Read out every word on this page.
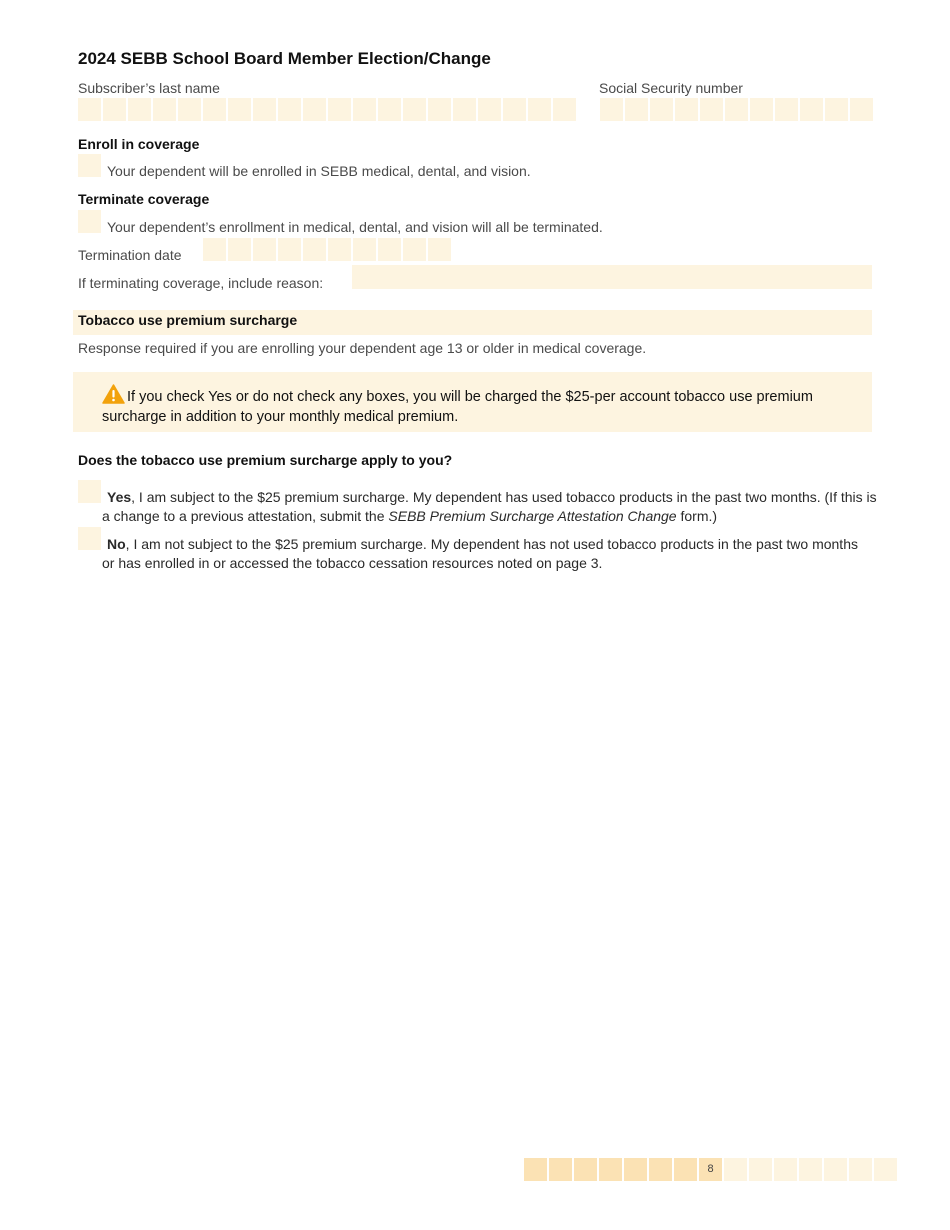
2024 SEBB School Board Member Election/Change
Subscriber’s last name	Social Security number
Enroll in coverage
Your dependent will be enrolled in SEBB medical, dental, and vision.
Terminate coverage
Your dependent’s enrollment in medical, dental, and vision will all be terminated.
Termination date
If terminating coverage, include reason:
Tobacco use premium surcharge
Response required if you are enrolling your dependent age 13 or older in medical coverage.
If you check Yes or do not check any boxes, you will be charged the $25-per account tobacco use premium surcharge in addition to your monthly medical premium.
Does the tobacco use premium surcharge apply to you?
Yes, I am subject to the $25 premium surcharge. My dependent has used tobacco products in the past two months. (If this is a change to a previous attestation, submit the SEBB Premium Surcharge Attestation Change form.)
No, I am not subject to the $25 premium surcharge. My dependent has not used tobacco products in the past two months or has enrolled in or accessed the tobacco cessation resources noted on page 3.
8
